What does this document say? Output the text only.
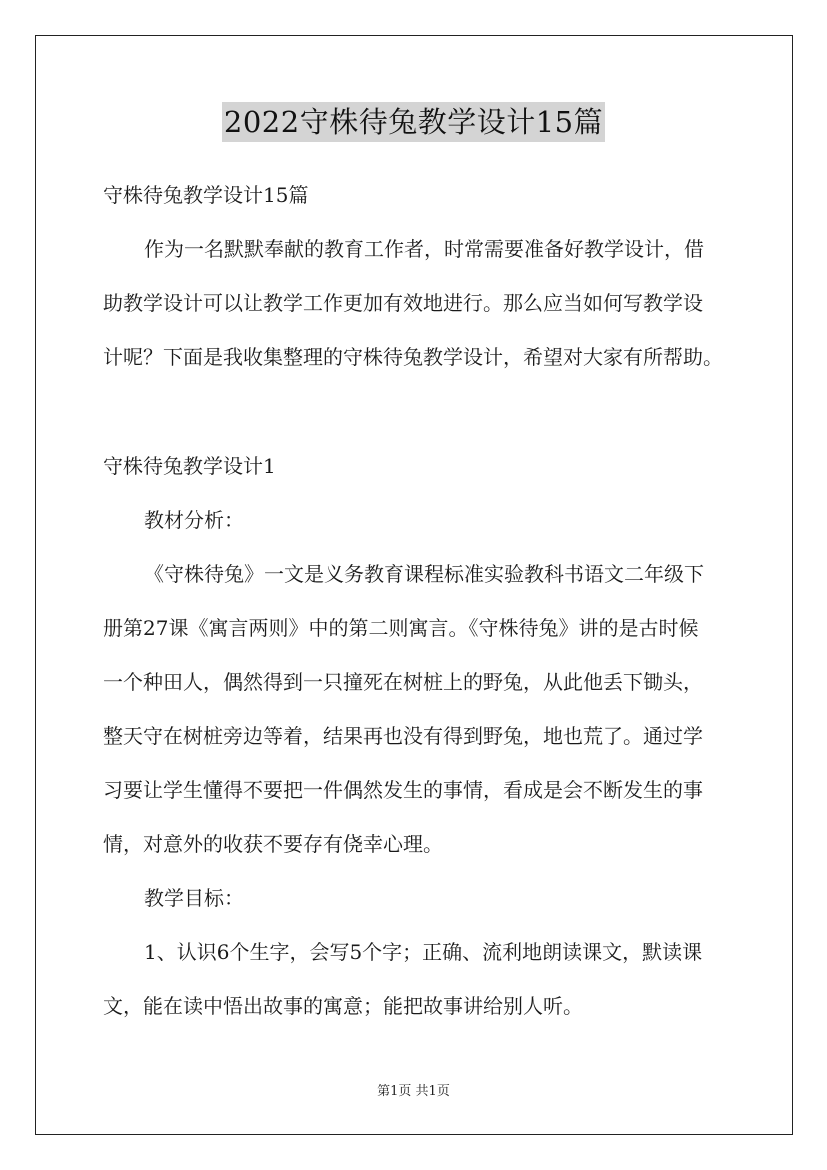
2022守株待兔教学设计15篇
守株待兔教学设计15篇
作为一名默默奉献的教育工作者，时常需要准备好教学设计，借
助教学设计可以让教学工作更加有效地进行。那么应当如何写教学设
计呢？下面是我收集整理的守株待兔教学设计，希望对大家有所帮助。
守株待兔教学设计1
教材分析：
《守株待兔》一文是义务教育课程标准实验教科书语文二年级下
册第27课《寓言两则》中的第二则寓言。《守株待兔》讲的是古时候
一个种田人，偶然得到一只撞死在树桩上的野兔，从此他丢下锄头，
整天守在树桩旁边等着，结果再也没有得到野兔，地也荒了。通过学
习要让学生懂得不要把一件偶然发生的事情，看成是会不断发生的事
情，对意外的收获不要存有侥幸心理。
教学目标：
1、认识6个生字，会写5个字；正确、流利地朗读课文，默读课
文，能在读中悟出故事的寓意；能把故事讲给别人听。
第1页 共1页
